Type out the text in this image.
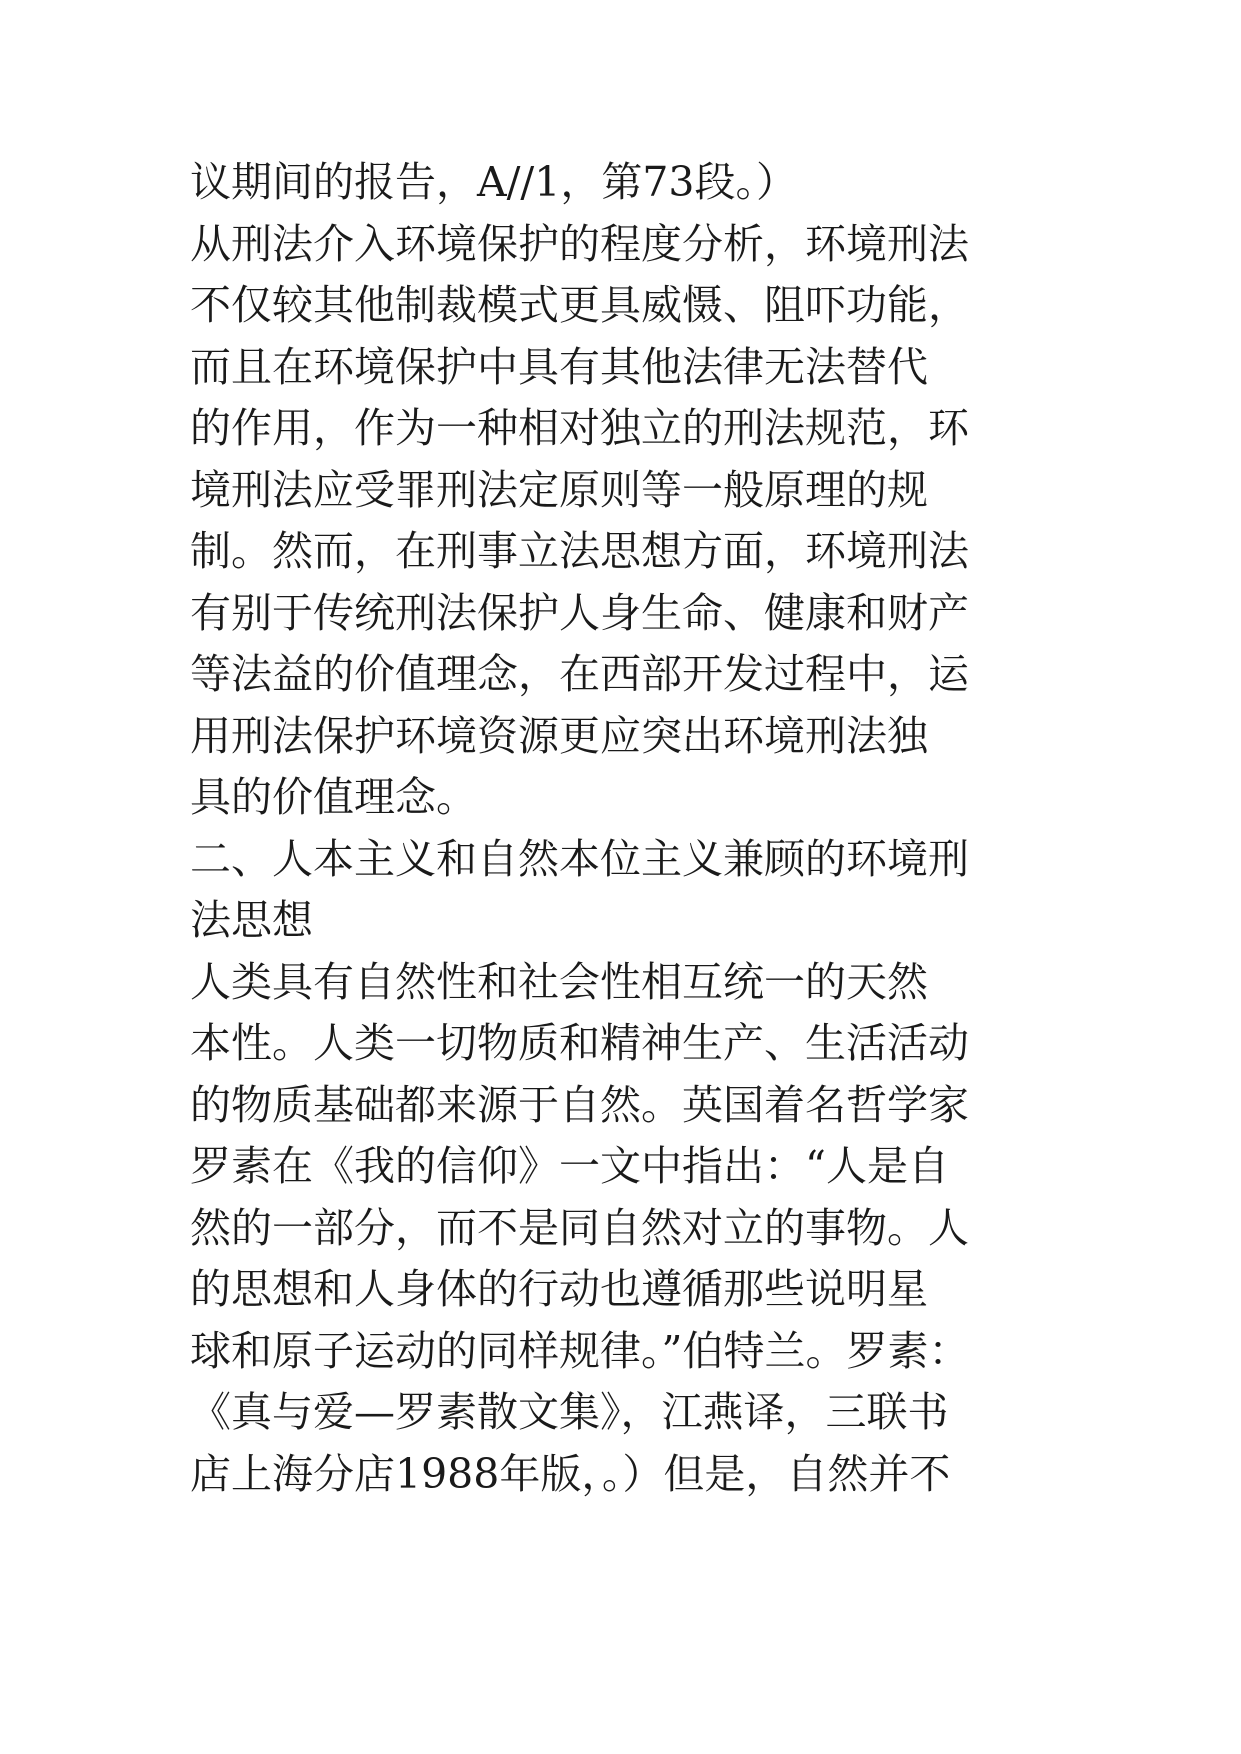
议期间的报告，A//1，第73段。）
从刑法介入环境保护的程度分析，环境刑法
不仅较其他制裁模式更具威慑、阻吓功能，
而且在环境保护中具有其他法律无法替代
的作用，作为一种相对独立的刑法规范，环
境刑法应受罪刑法定原则等一般原理的规
制。然而，在刑事立法思想方面，环境刑法
有别于传统刑法保护人身生命、健康和财产
等法益的价值理念，在西部开发过程中，运
用刑法保护环境资源更应突出环境刑法独
具的价值理念。
二、人本主义和自然本位主义兼顾的环境刑
法思想
人类具有自然性和社会性相互统一的天然
本性。人类一切物质和精神生产、生活活动
的物质基础都来源于自然。英国着名哲学家
罗素在《我的信仰》一文中指出：“人是自
然的一部分，而不是同自然对立的事物。人
的思想和人身体的行动也遵循那些说明星
球和原子运动的同样规律。”伯特兰。罗素：
《真与爱—罗素散文集》，江燕译，三联书
店上海分店1988年版，。）但是，自然并不
